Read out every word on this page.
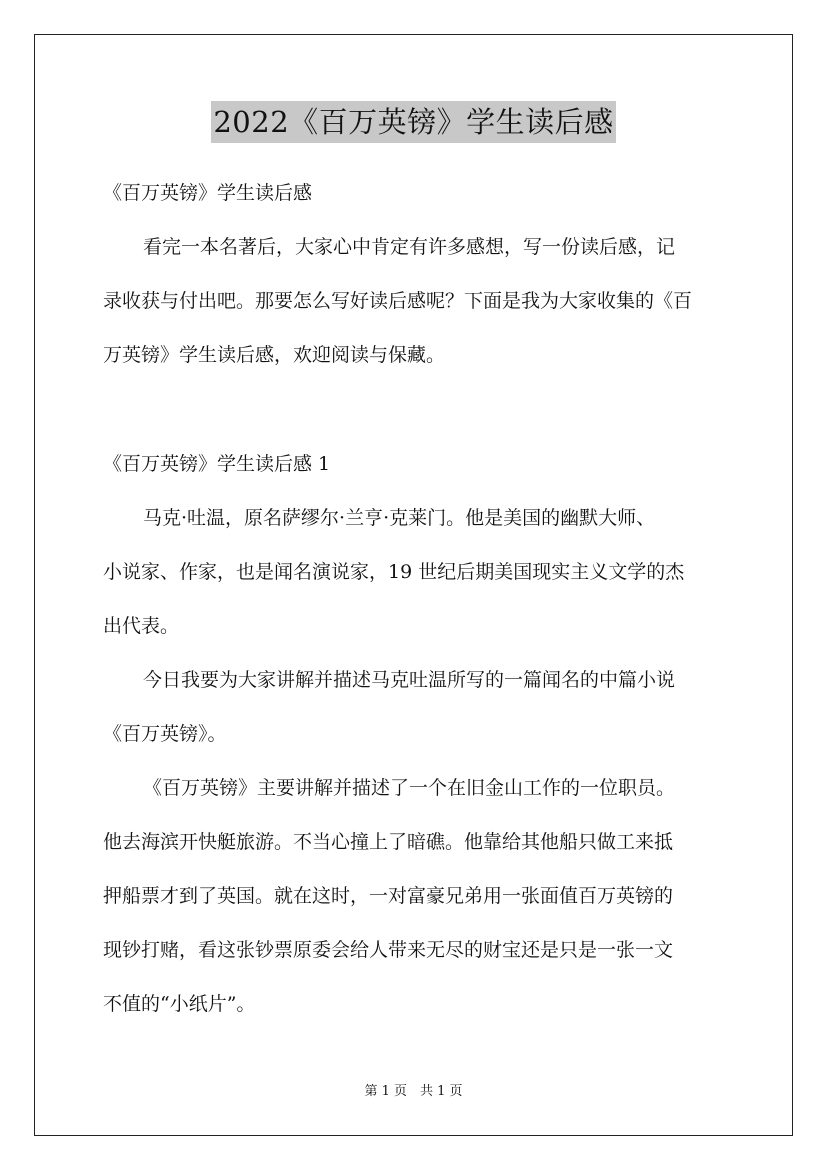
2022《百万英镑》学生读后感
《百万英镑》学生读后感
看完一本名著后，大家心中肯定有许多感想，写一份读后感，记
录收获与付出吧。那要怎么写好读后感呢？下面是我为大家收集的《百
万英镑》学生读后感，欢迎阅读与保藏。
《百万英镑》学生读后感 1
马克·吐温，原名萨缪尔·兰亨·克莱门。他是美国的幽默大师、
小说家、作家，也是闻名演说家，19 世纪后期美国现实主义文学的杰
出代表。
今日我要为大家讲解并描述马克吐温所写的一篇闻名的中篇小说
《百万英镑》。
《百万英镑》主要讲解并描述了一个在旧金山工作的一位职员。
他去海滨开快艇旅游。不当心撞上了暗礁。他靠给其他船只做工来抵
押船票才到了英国。就在这时，一对富豪兄弟用一张面值百万英镑的
现钞打赌，看这张钞票原委会给人带来无尽的财宝还是只是一张一文
不值的“小纸片”。
第 1 页　共 1 页
